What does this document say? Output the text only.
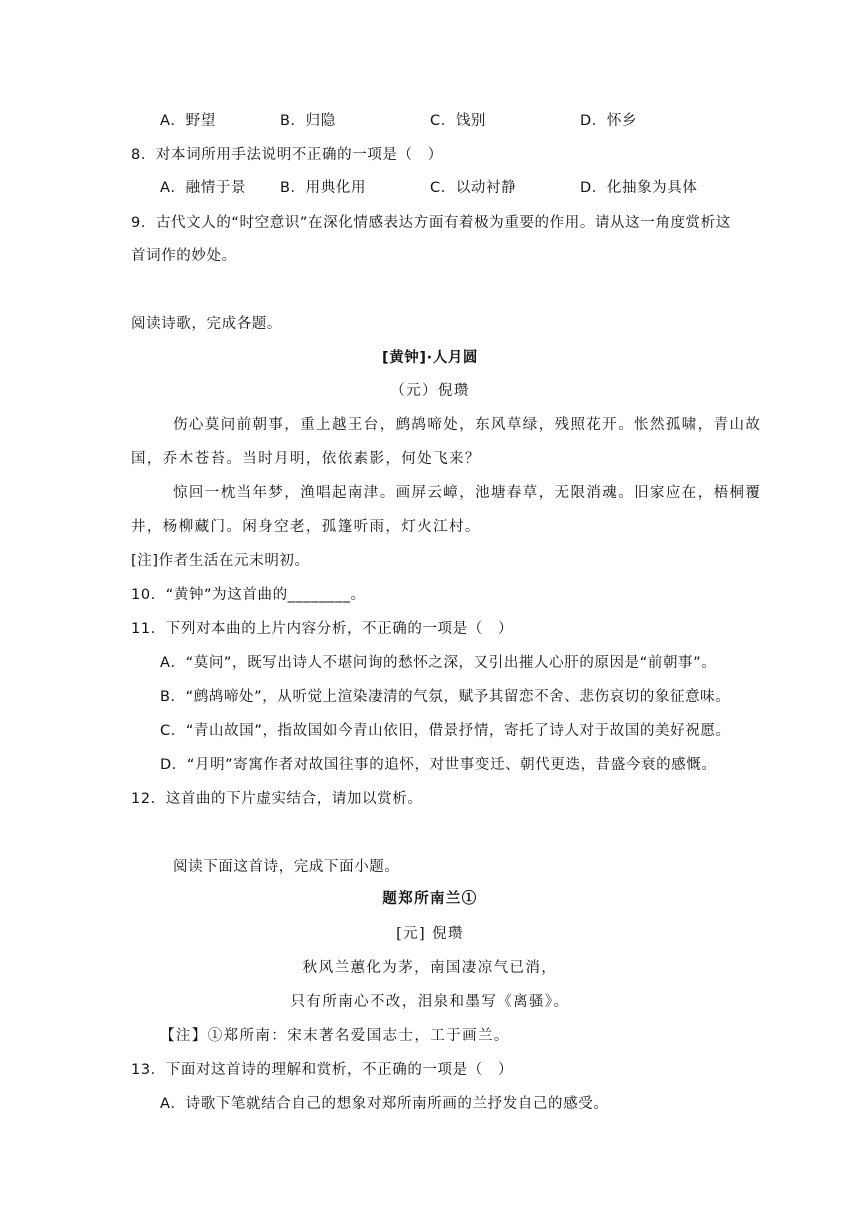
A．野望	B．归隐	C．饯别	D．怀乡
8．对本词所用手法说明不正确的一项是（　）
A．融情于景 B．用典化用	C．以动衬静	D．化抽象为具体
9．古代文人的“时空意识”在深化情感表达方面有着极为重要的作用。请从这一角度赏析这
首词作的妙处。
阅读诗歌，完成各题。
[黄钟]·人月圆
（元）倪瓒
伤心莫问前朝事，重上越王台，鹧鸪啼处，东风草绿，残照花开。怅然孤啸，青山故
国，乔木苍苔。当时月明，依依素影，何处飞来？
惊回一枕当年梦，渔唱起南津。画屏云嶂，池塘春草，无限消魂。旧家应在，梧桐覆
井，杨柳藏门。闲身空老，孤篷听雨，灯火江村。
[注]作者生活在元末明初。
10．“黄钟”为这首曲的________。
11．下列对本曲的上片内容分析，不正确的一项是（　）
A．“莫问”，既写出诗人不堪问询的愁怀之深，又引出摧人心肝的原因是“前朝事”。
B．“鹧鸪啼处”，从听觉上渲染凄清的气氛，赋予其留恋不舍、悲伤哀切的象征意味。
C．“青山故国”，指故国如今青山依旧，借景抒情，寄托了诗人对于故国的美好祝愿。
D．“月明”寄寓作者对故国往事的追怀，对世事变迁、朝代更迭，昔盛今衰的感慨。
12．这首曲的下片虚实结合，请加以赏析。
阅读下面这首诗，完成下面小题。
题郑所南兰①
[元] 倪瓒
秋风兰蕙化为茅，南国凄凉气已消，
只有所南心不改，泪泉和墨写《离骚》。
【注】①郑所南：宋末著名爱国志士，工于画兰。
13．下面对这首诗的理解和赏析，不正确的一项是（　）
A．诗歌下笔就结合自己的想象对郑所南所画的兰抒发自己的感受。
